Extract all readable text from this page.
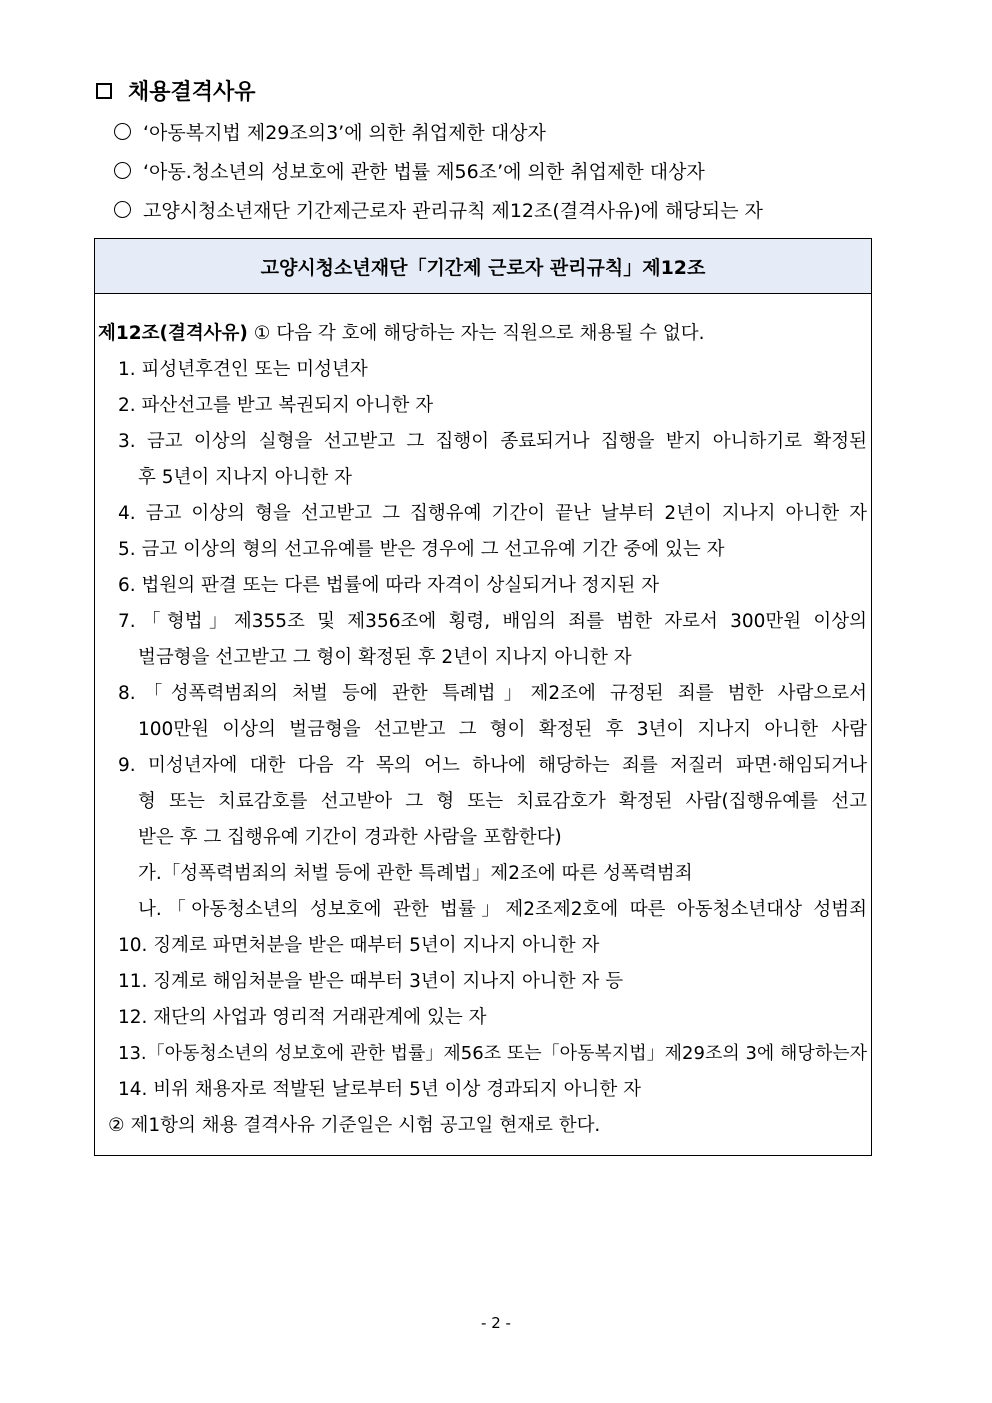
채용결격사유
‘아동복지법 제29조의3’에 의한 취업제한 대상자
‘아동.청소년의 성보호에 관한 법률 제56조’에 의한 취업제한 대상자
고양시청소년재단 기간제근로자 관리규칙 제12조(결격사유)에 해당되는 자
고양시청소년재단「기간제 근로자 관리규칙」제12조
제12조(결격사유) ① 다음 각 호에 해당하는 자는 직원으로 채용될 수 없다.
1. 피성년후견인 또는 미성년자
2. 파산선고를 받고 복권되지 아니한 자
3. 금고 이상의 실형을 선고받고 그 집행이 종료되거나 집행을 받지 아니하기로 확정된
후 5년이 지나지 아니한 자
4. 금고 이상의 형을 선고받고 그 집행유예 기간이 끝난 날부터 2년이 지나지 아니한 자
5. 금고 이상의 형의 선고유예를 받은 경우에 그 선고유예 기간 중에 있는 자
6. 법원의 판결 또는 다른 법률에 따라 자격이 상실되거나 정지된 자
7.「형법」제355조 및 제356조에 횡령, 배임의 죄를 범한 자로서 300만원 이상의
벌금형을 선고받고 그 형이 확정된 후 2년이 지나지 아니한 자
8.「성폭력범죄의 처벌 등에 관한 특례법」제2조에 규정된 죄를 범한 사람으로서
100만원 이상의 벌금형을 선고받고 그 형이 확정된 후 3년이 지나지 아니한 사람
9. 미성년자에 대한 다음 각 목의 어느 하나에 해당하는 죄를 저질러 파면·해임되거나
형 또는 치료감호를 선고받아 그 형 또는 치료감호가 확정된 사람(집행유예를 선고
받은 후 그 집행유예 기간이 경과한 사람을 포함한다)
가.「성폭력범죄의 처벌 등에 관한 특례법」제2조에 따른 성폭력범죄
나.「아동청소년의 성보호에 관한 법률」제2조제2호에 따른 아동청소년대상 성범죄
10. 징계로 파면처분을 받은 때부터 5년이 지나지 아니한 자
11. 징계로 해임처분을 받은 때부터 3년이 지나지 아니한 자 등
12. 재단의 사업과 영리적 거래관계에 있는 자
13.「아동청소년의 성보호에 관한 법률」제56조 또는「아동복지법」제29조의 3에 해당하는자
14. 비위 채용자로 적발된 날로부터 5년 이상 경과되지 아니한 자
② 제1항의 채용 결격사유 기준일은 시험 공고일 현재로 한다.
- 2 -
